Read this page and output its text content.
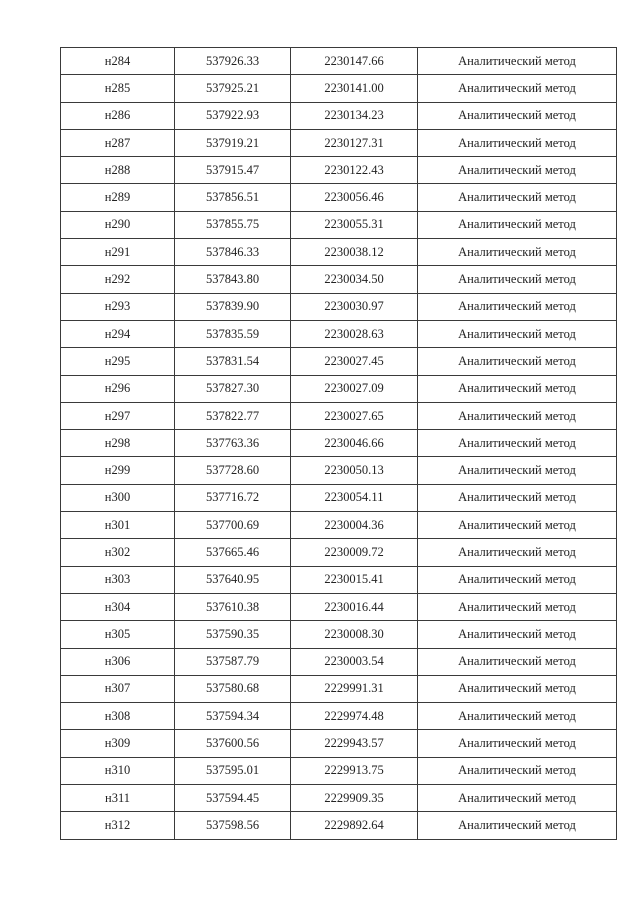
н284	537926.33	2230147.66	Аналитический метод
н285	537925.21	2230141.00	Аналитический метод
н286	537922.93	2230134.23	Аналитический метод
н287	537919.21	2230127.31	Аналитический метод
н288	537915.47	2230122.43	Аналитический метод
н289	537856.51	2230056.46	Аналитический метод
н290	537855.75	2230055.31	Аналитический метод
н291	537846.33	2230038.12	Аналитический метод
н292	537843.80	2230034.50	Аналитический метод
н293	537839.90	2230030.97	Аналитический метод
н294	537835.59	2230028.63	Аналитический метод
н295	537831.54	2230027.45	Аналитический метод
н296	537827.30	2230027.09	Аналитический метод
н297	537822.77	2230027.65	Аналитический метод
н298	537763.36	2230046.66	Аналитический метод
н299	537728.60	2230050.13	Аналитический метод
н300	537716.72	2230054.11	Аналитический метод
н301	537700.69	2230004.36	Аналитический метод
н302	537665.46	2230009.72	Аналитический метод
н303	537640.95	2230015.41	Аналитический метод
н304	537610.38	2230016.44	Аналитический метод
н305	537590.35	2230008.30	Аналитический метод
н306	537587.79	2230003.54	Аналитический метод
н307	537580.68	2229991.31	Аналитический метод
н308	537594.34	2229974.48	Аналитический метод
н309	537600.56	2229943.57	Аналитический метод
н310	537595.01	2229913.75	Аналитический метод
н311	537594.45	2229909.35	Аналитический метод
н312	537598.56	2229892.64	Аналитический метод
